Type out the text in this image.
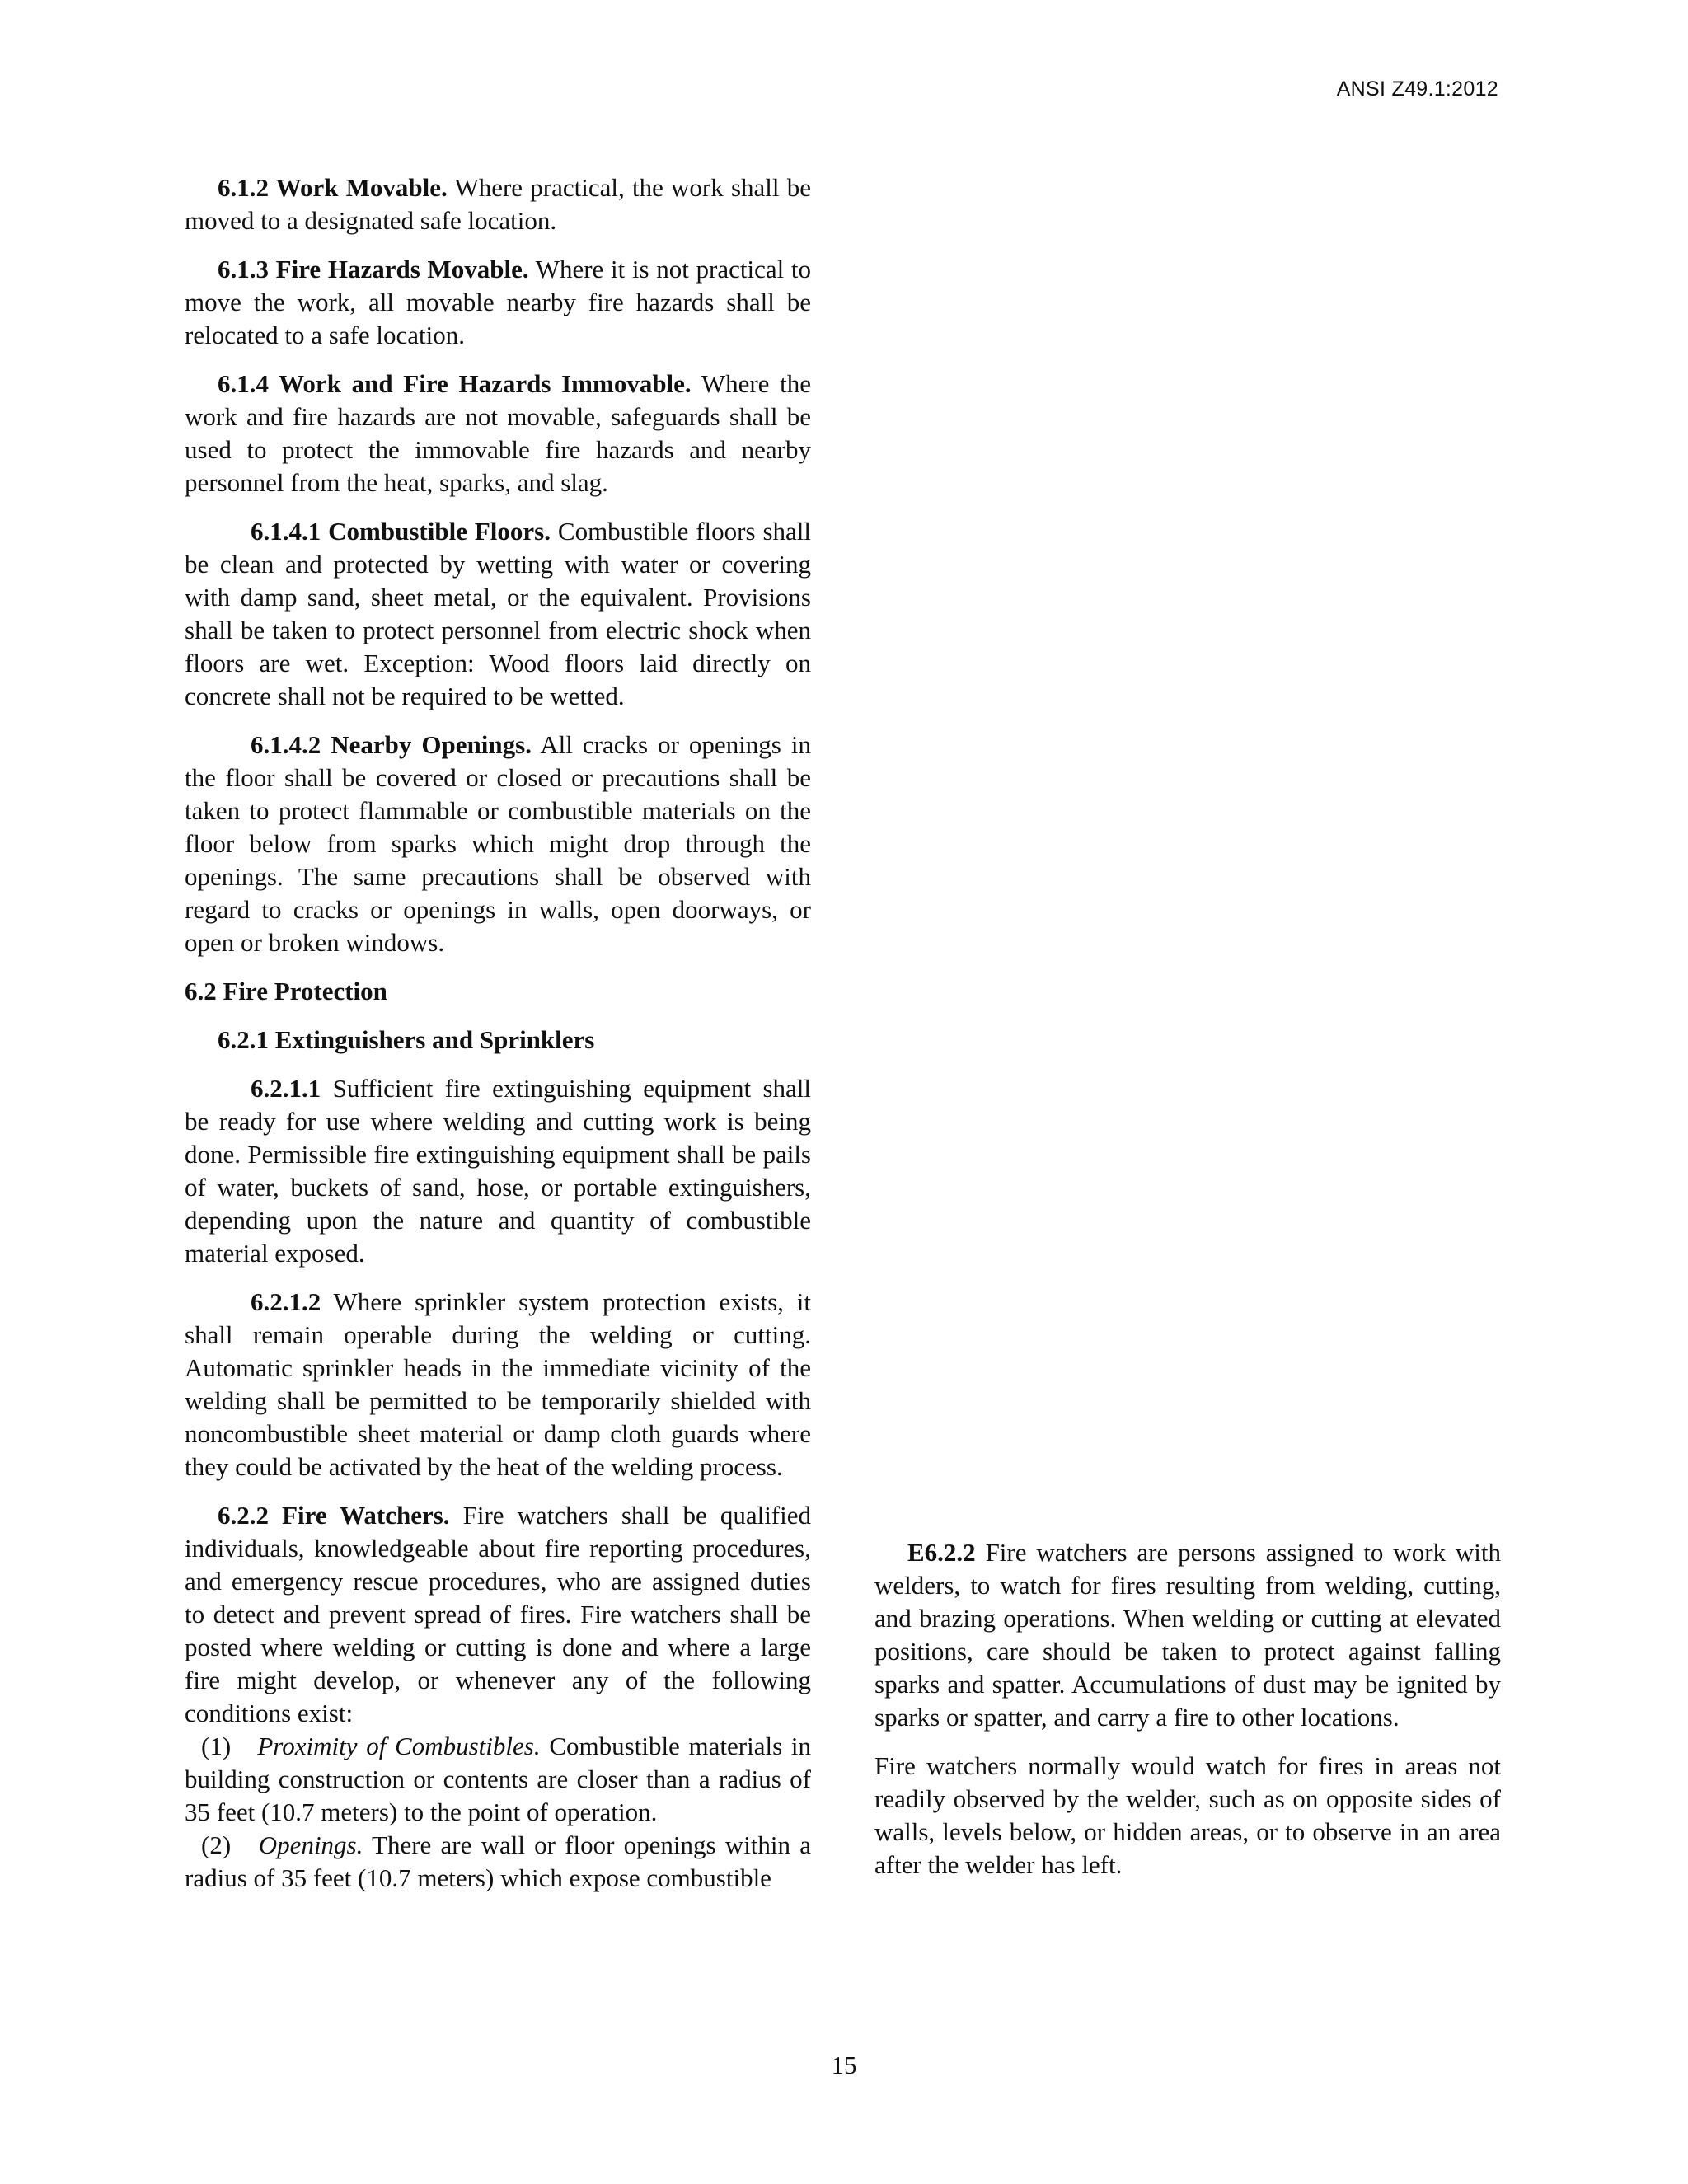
ANSI Z49.1:2012

6.1.2 Work Movable. Where practical, the work shall be moved to a designated safe location.

6.1.3 Fire Hazards Movable. Where it is not practical to move the work, all movable nearby fire hazards shall be relocated to a safe location.

6.1.4 Work and Fire Hazards Immovable. Where the work and fire hazards are not movable, safeguards shall be used to protect the immovable fire hazards and nearby personnel from the heat, sparks, and slag.

6.1.4.1 Combustible Floors. Combustible floors shall be clean and protected by wetting with water or covering with damp sand, sheet metal, or the equivalent. Provisions shall be taken to protect personnel from electric shock when floors are wet. Exception: Wood floors laid directly on concrete shall not be required to be wetted.

6.1.4.2 Nearby Openings. All cracks or openings in the floor shall be covered or closed or precautions shall be taken to protect flammable or combustible materials on the floor below from sparks which might drop through the openings. The same precautions shall be observed with regard to cracks or openings in walls, open doorways, or open or broken windows.

6.2 Fire Protection
6.2.1 Extinguishers and Sprinklers

6.2.1.1 Sufficient fire extinguishing equipment shall be ready for use where welding and cutting work is being done. Permissible fire extinguishing equipment shall be pails of water, buckets of sand, hose, or portable extinguishers, depending upon the nature and quantity of combustible material exposed.

6.2.1.2 Where sprinkler system protection exists, it shall remain operable during the welding or cutting. Automatic sprinkler heads in the immediate vicinity of the welding shall be permitted to be temporarily shielded with noncombustible sheet material or damp cloth guards where they could be activated by the heat of the welding process.

6.2.2 Fire Watchers. Fire watchers shall be qualified individuals, knowledgeable about fire reporting procedures, and emergency rescue procedures, who are assigned duties to detect and prevent spread of fires. Fire watchers shall be posted where welding or cutting is done and where a large fire might develop, or whenever any of the following conditions exist:

(1) Proximity of Combustibles. Combustible materials in building construction or contents are closer than a radius of 35 feet (10.7 meters) to the point of operation.

(2) Openings. There are wall or floor openings within a radius of 35 feet (10.7 meters) which expose combustible

E6.2.2 Fire watchers are persons assigned to work with welders, to watch for fires resulting from welding, cutting, and brazing operations. When welding or cutting at elevated positions, care should be taken to protect against falling sparks and spatter. Accumulations of dust may be ignited by sparks or spatter, and carry a fire to other locations.

Fire watchers normally would watch for fires in areas not readily observed by the welder, such as on opposite sides of walls, levels below, or hidden areas, or to observe in an area after the welder has left.

15
